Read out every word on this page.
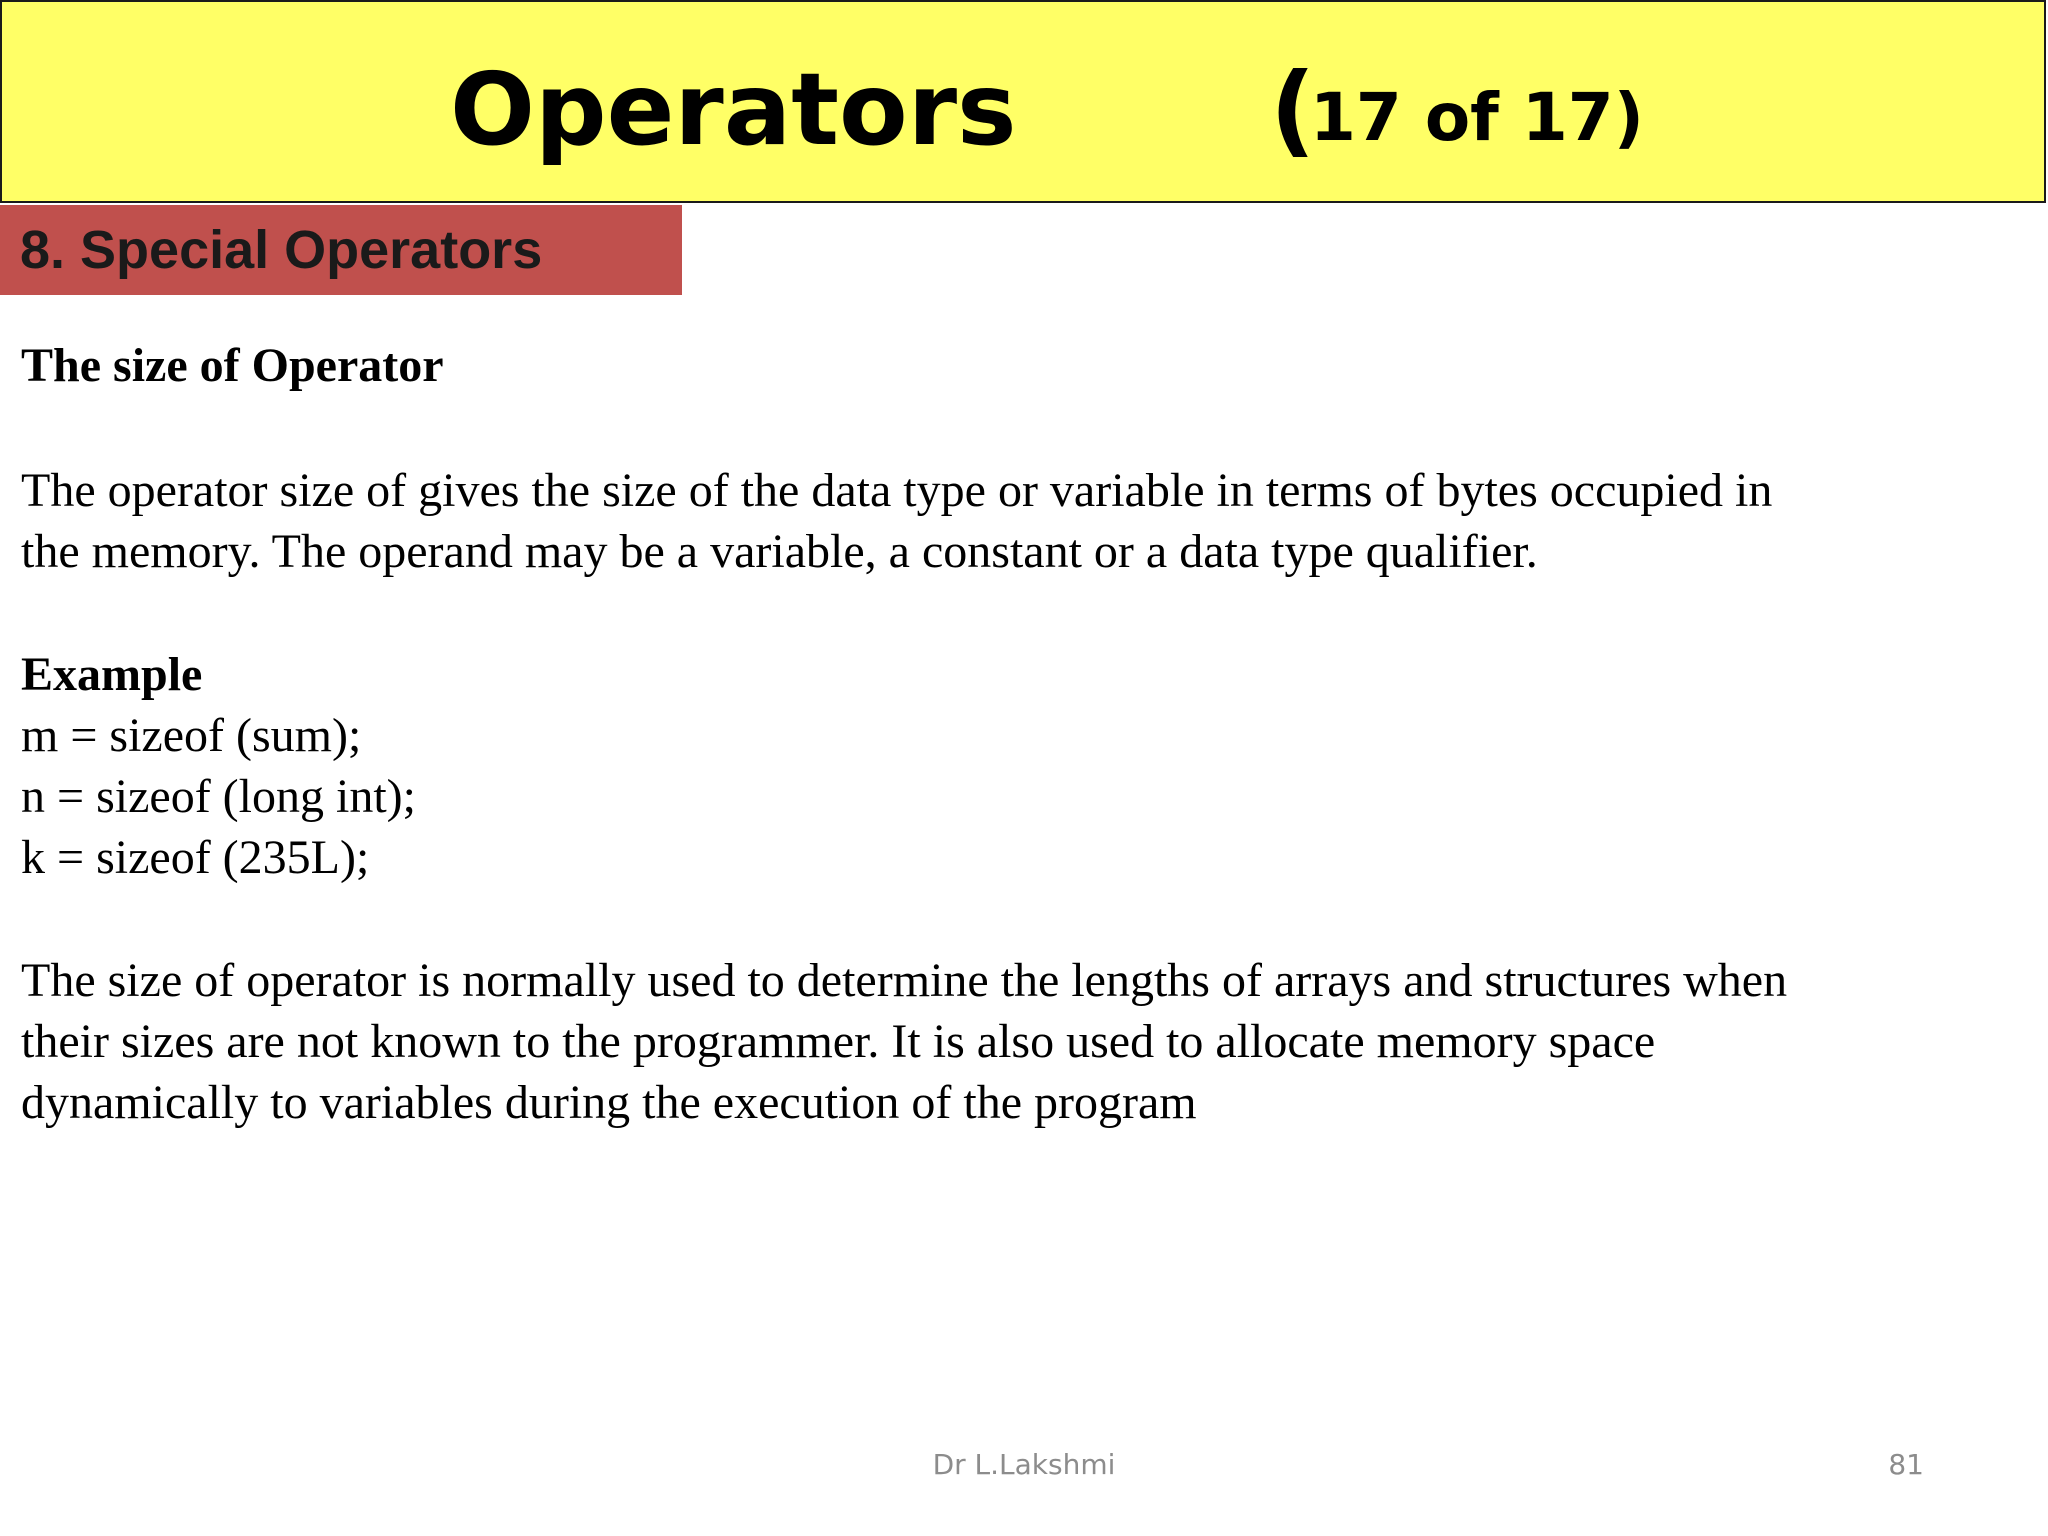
Operators	(
17 of 17)
8. Special Operators

The size of Operator

The operator size of gives the size of the data type or variable in terms of bytes occupied in

the memory. The operand may be a variable, a constant or a data type qualifier.

Example

m = sizeof (sum);

n = sizeof (long int);

k = sizeof (235L);

The size of operator is normally used to determine the lengths of arrays and structures when

their sizes are not known to the programmer. It is also used to allocate memory space

dynamically to variables during the execution of the program

Dr L.Lakshmi	81
